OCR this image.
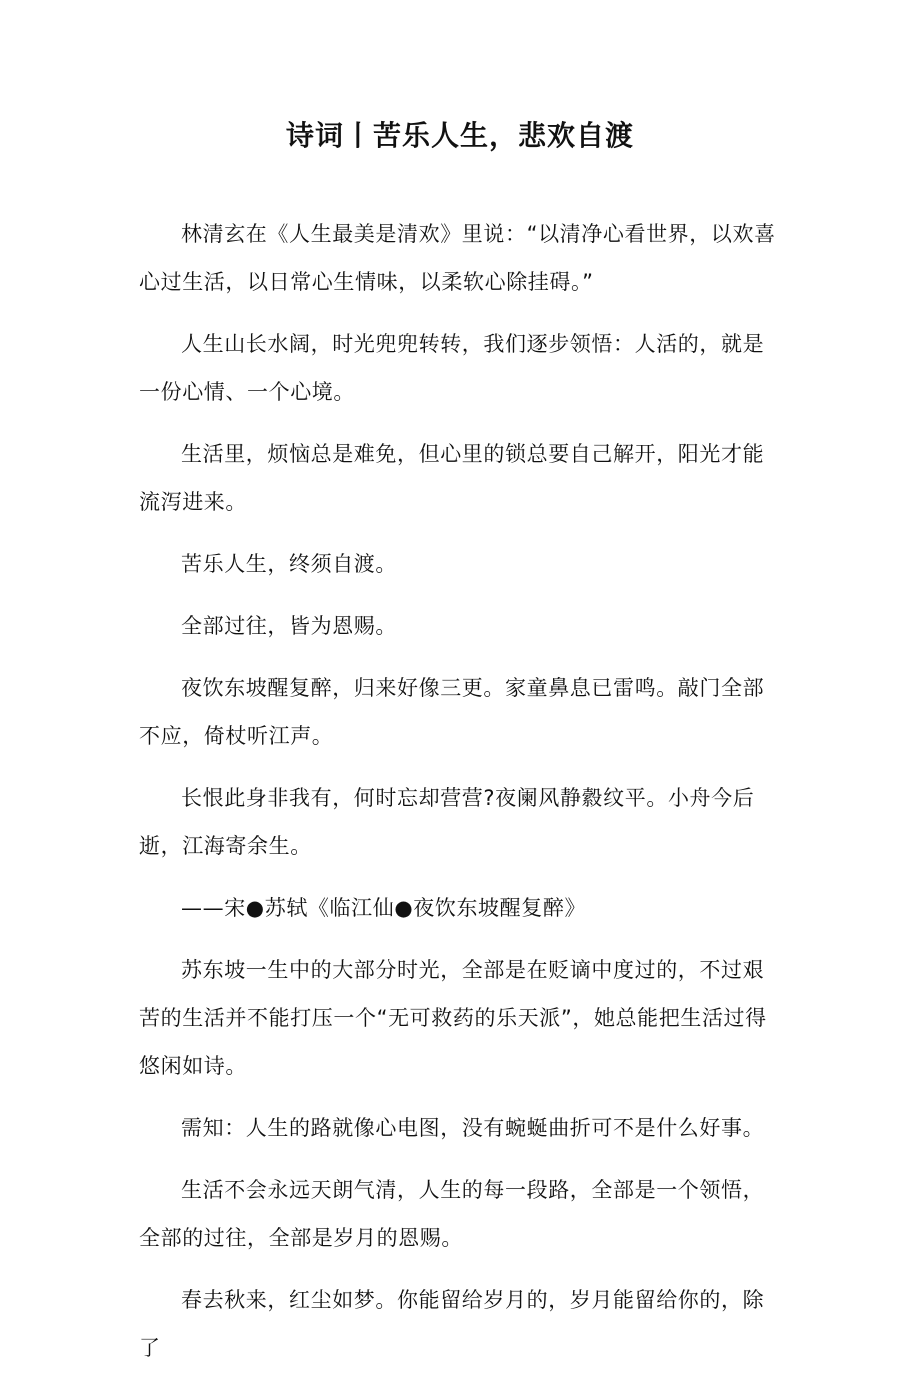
诗词丨苦乐人生，悲欢自渡

林清玄在《人生最美是清欢》里说：“以清净心看世界，以欢喜心过生活，以日常心生情味，以柔软心除挂碍。”

人生山长水阔，时光兜兜转转，我们逐步领悟：人活的，就是一份心情、一个心境。

生活里，烦恼总是难免，但心里的锁总要自己解开，阳光才能流泻进来。

苦乐人生，终须自渡。

全部过往，皆为恩赐。

夜饮东坡醒复醉，归来好像三更。家童鼻息已雷鸣。敲门全部不应，倚杖听江声。

长恨此身非我有，何时忘却营营?夜阑风静縠纹平。小舟今后逝，江海寄余生。

——宋●苏轼《临江仙●夜饮东坡醒复醉》

苏东坡一生中的大部分时光，全部是在贬谪中度过的，不过艰苦的生活并不能打压一个“无可救药的乐天派”，她总能把生活过得悠闲如诗。

需知：人生的路就像心电图，没有蜿蜒曲折可不是什么好事。

生活不会永远天朗气清，人生的每一段路，全部是一个领悟，全部的过往，全部是岁月的恩赐。

春去秋来，红尘如梦。你能留给岁月的，岁月能留给你的，除了
